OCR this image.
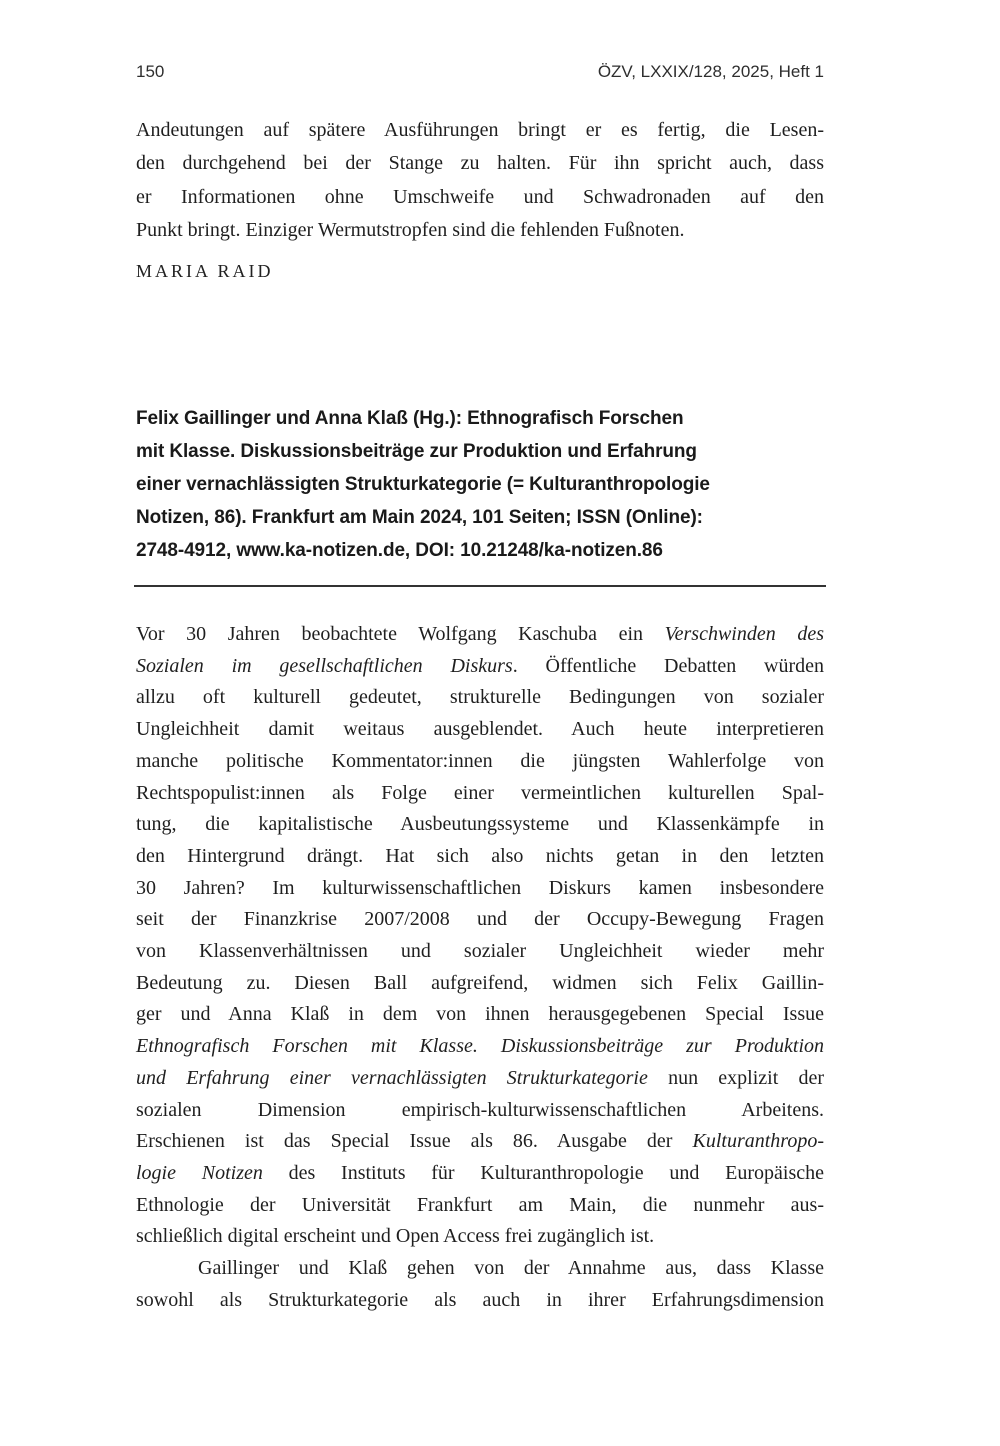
150	ÖZV, LXXIX/128, 2025, Heft 1
Andeutungen auf spätere Ausführungen bringt er es fertig, die Lesen-
den durchgehend bei der Stange zu halten. Für ihn spricht auch, dass
er Informationen ohne Umschweife und Schwadronaden auf den
Punkt bringt. Einziger Wermutstropfen sind die fehlenden Fußnoten.
MARIA RAID
Felix Gaillinger und Anna Klaß (Hg.): Ethnografisch Forschen
mit Klasse. Diskussionsbeiträge zur Produktion und Erfahrung
einer vernachlässigten Strukturkategorie (= Kulturanthropologie
Notizen, 86). Frankfurt am Main 2024, 101 Seiten; ISSN (Online):
2748-4912, www.ka-notizen.de, DOI: 10.21248/ka-notizen.86
Vor 30 Jahren beobachtete Wolfgang Kaschuba ein Verschwinden des
Sozialen im gesellschaftlichen Diskurs. Öffentliche Debatten würden
allzu oft kulturell gedeutet, strukturelle Bedingungen von sozialer
Ungleichheit damit weitaus ausgeblendet. Auch heute interpretieren
manche politische Kommentator:innen die jüngsten Wahlerfolge von
Rechtspopulist:innen als Folge einer vermeintlichen kulturellen Spal-
tung, die kapitalistische Ausbeutungssysteme und Klassenkämpfe in
den Hintergrund drängt. Hat sich also nichts getan in den letzten
30 Jahren? Im kulturwissenschaftlichen Diskurs kamen insbesondere
seit der Finanzkrise 2007/2008 und der Occupy-Bewegung Fragen
von Klassenverhältnissen und sozialer Ungleichheit wieder mehr
Bedeutung zu. Diesen Ball aufgreifend, widmen sich Felix Gaillin-
ger und Anna Klaß in dem von ihnen herausgegebenen Special Issue
Ethnografisch Forschen mit Klasse. Diskussionsbeiträge zur Produktion
und Erfahrung einer vernachlässigten Strukturkategorie nun explizit der
sozialen Dimension empirisch-kulturwissenschaftlichen Arbeitens.
Erschienen ist das Special Issue als 86. Ausgabe der Kulturanthropo-
logie Notizen des Instituts für Kulturanthropologie und Europäische
Ethnologie der Universität Frankfurt am Main, die nunmehr aus-
schließlich digital erscheint und Open Access frei zugänglich ist.
Gaillinger und Klaß gehen von der Annahme aus, dass Klasse
sowohl als Strukturkategorie als auch in ihrer Erfahrungsdimension
